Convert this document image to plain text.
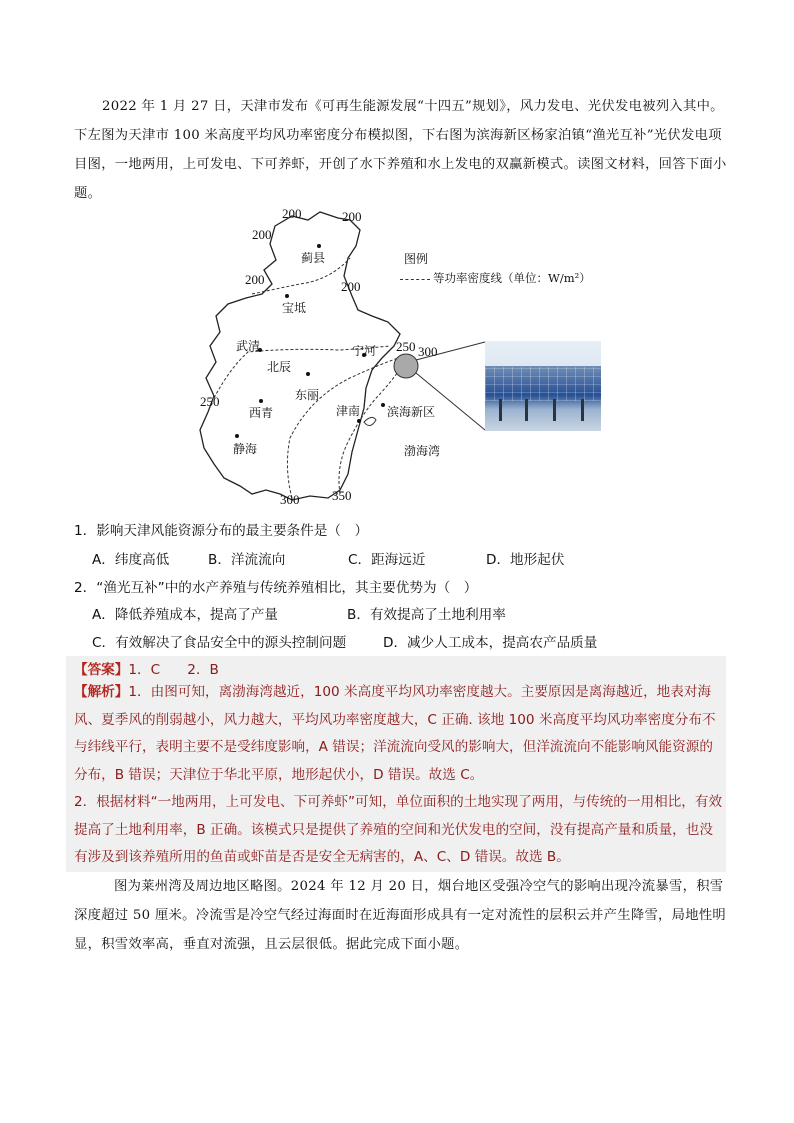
2022 年 1 月 27 日，天津市发布《可再生能源发展“十四五”规划》，风力发电、光伏发电被列入其中。下左图为天津市 100 米高度平均风功率密度分布模拟图，下右图为滨海新区杨家泊镇“渔光互补”光伏发电项目图，一地两用，上可发电、下可养虾，开创了水下养殖和水上发电的双赢新模式。读图文材料，回答下面小题。
200	200
200
200	200
250 300
250
300	350
蓟县
宝坻
武清
北辰
宁河
东丽
西青	津南 滨海新区
静海	渤海湾
图例
等功率密度线（单位：W/m²）
1．影响天津风能资源分布的最主要条件是（　）
A．纬度高低	B．洋流流向	C．距海远近	D．地形起伏
2．“渔光互补”中的水产养殖与传统养殖相比，其主要优势为（　）
A．降低养殖成本，提高了产量	B．有效提高了土地利用率
C．有效解决了食品安全中的源头控制问题	D．减少人工成本，提高农产品质量
【答案】1．C　　2．B
【解析】1．由图可知，离渤海湾越近，100 米高度平均风功率密度越大。主要原因是离海越近，地表对海风、夏季风的削弱越小，风力越大，平均风功率密度越大，C 正确. 该地 100 米高度平均风功率密度分布不与纬线平行，表明主要不是受纬度影响，A 错误；洋流流向受风的影响大，但洋流流向不能影响风能资源的分布，B 错误；天津位于华北平原，地形起伏小，D 错误。故选 C。
2．根据材料“一地两用，上可发电、下可养虾”可知，单位面积的土地实现了两用，与传统的一用相比，有效提高了土地利用率，B 正确。该模式只是提供了养殖的空间和光伏发电的空间，没有提高产量和质量，也没有涉及到该养殖所用的鱼苗或虾苗是否是安全无病害的，A、C、D 错误。故选 B。
图为莱州湾及周边地区略图。2024 年 12 月 20 日，烟台地区受强冷空气的影响出现冷流暴雪，积雪深度超过 50 厘米。冷流雪是冷空气经过海面时在近海面形成具有一定对流性的层积云并产生降雪，局地性明显，积雪效率高，垂直对流强，且云层很低。据此完成下面小题。
